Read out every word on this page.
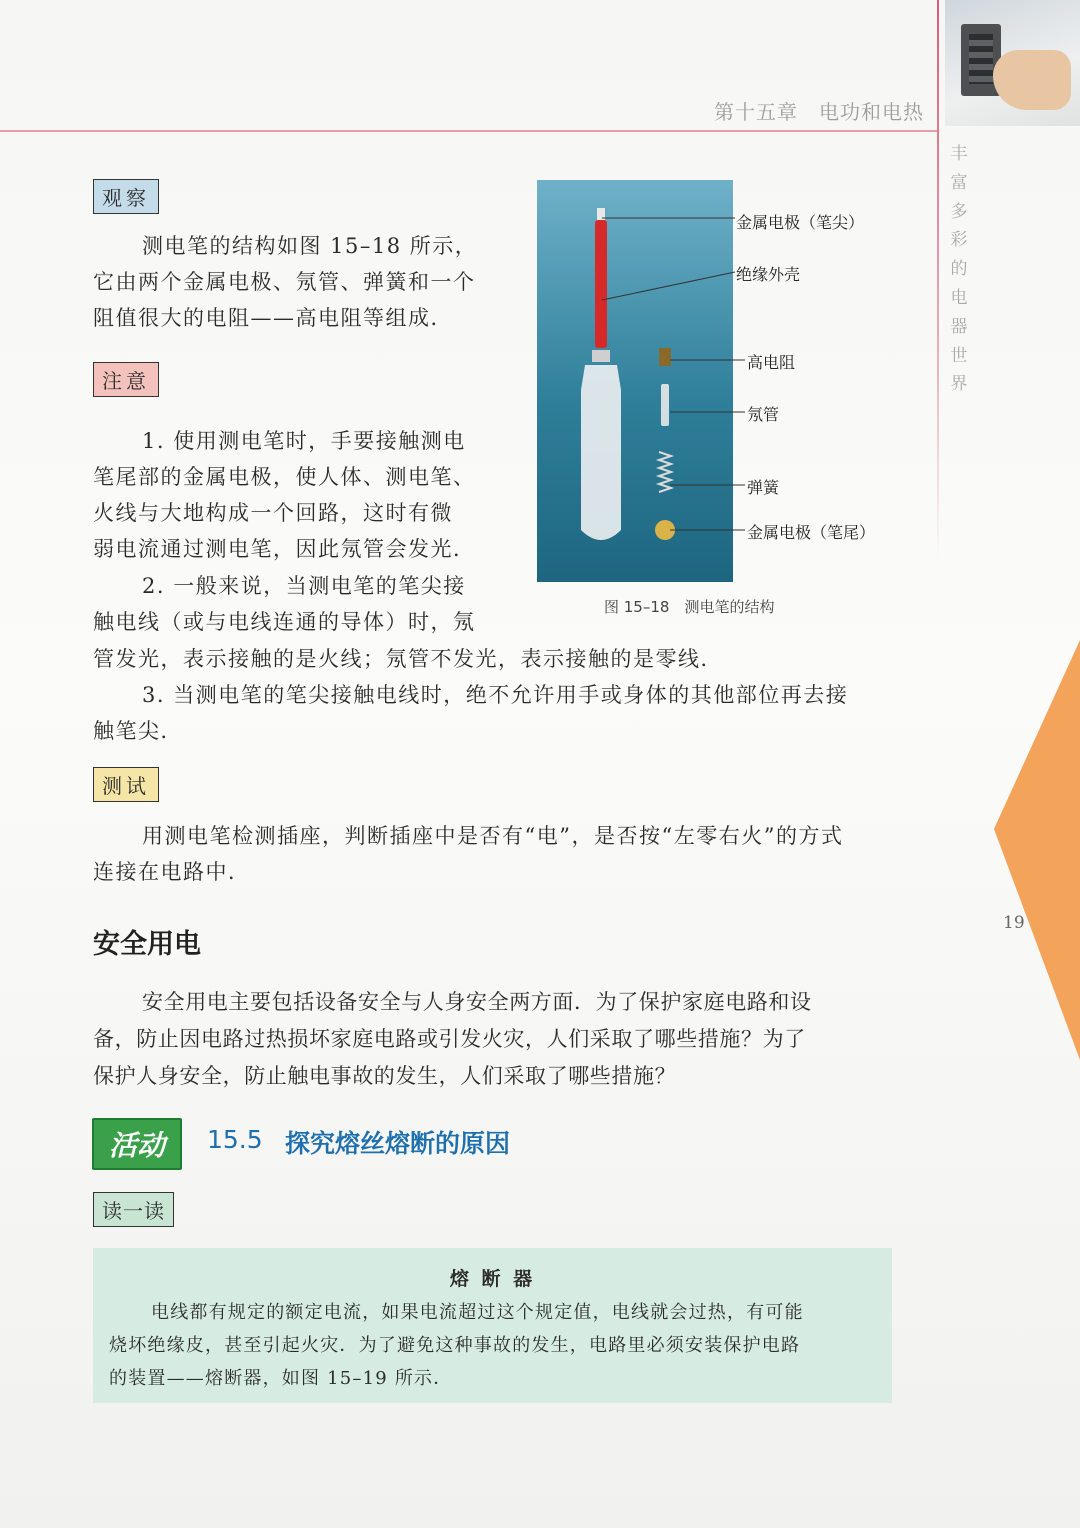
第十五章　电功和电热
丰
富
多
彩
的
电
器
世
界
19
观察

测电笔的结构如图 15–18 所示，

它由两个金属电极、氖管、弹簧和一个

阻值很大的电阻——高电阻等组成．

注意

1. 使用测电笔时，手要接触测电

笔尾部的金属电极，使人体、测电笔、

火线与大地构成一个回路，这时有微

弱电流通过测电笔，因此氖管会发光．

2. 一般来说，当测电笔的笔尖接

触电线（或与电线连通的导体）时，氖

管发光，表示接触的是火线；氖管不发光，表示接触的是零线．

3. 当测电笔的笔尖接触电线时，绝不允许用手或身体的其他部位再去接

触笔尖．

金属电极（笔尖）
绝缘外壳
高电阻
氖管
弹簧
金属电极（笔尾）
图 15–18　测电笔的结构
测试

用测电笔检测插座，判断插座中是否有“电”，是否按“左零右火”的方式

连接在电路中．

安全用电

安全用电主要包括设备安全与人身安全两方面．为了保护家庭电路和设

备，防止因电路过热损坏家庭电路或引发火灾，人们采取了哪些措施？为了

保护人身安全，防止触电事故的发生，人们采取了哪些措施？

活动 15.5 探究熔丝熔断的原因
读一读
熔 断 器

电线都有规定的额定电流，如果电流超过这个规定值，电线就会过热，有可能

烧坏绝缘皮，甚至引起火灾．为了避免这种事故的发生，电路里必须安装保护电路

的装置——熔断器，如图 15–19 所示．
